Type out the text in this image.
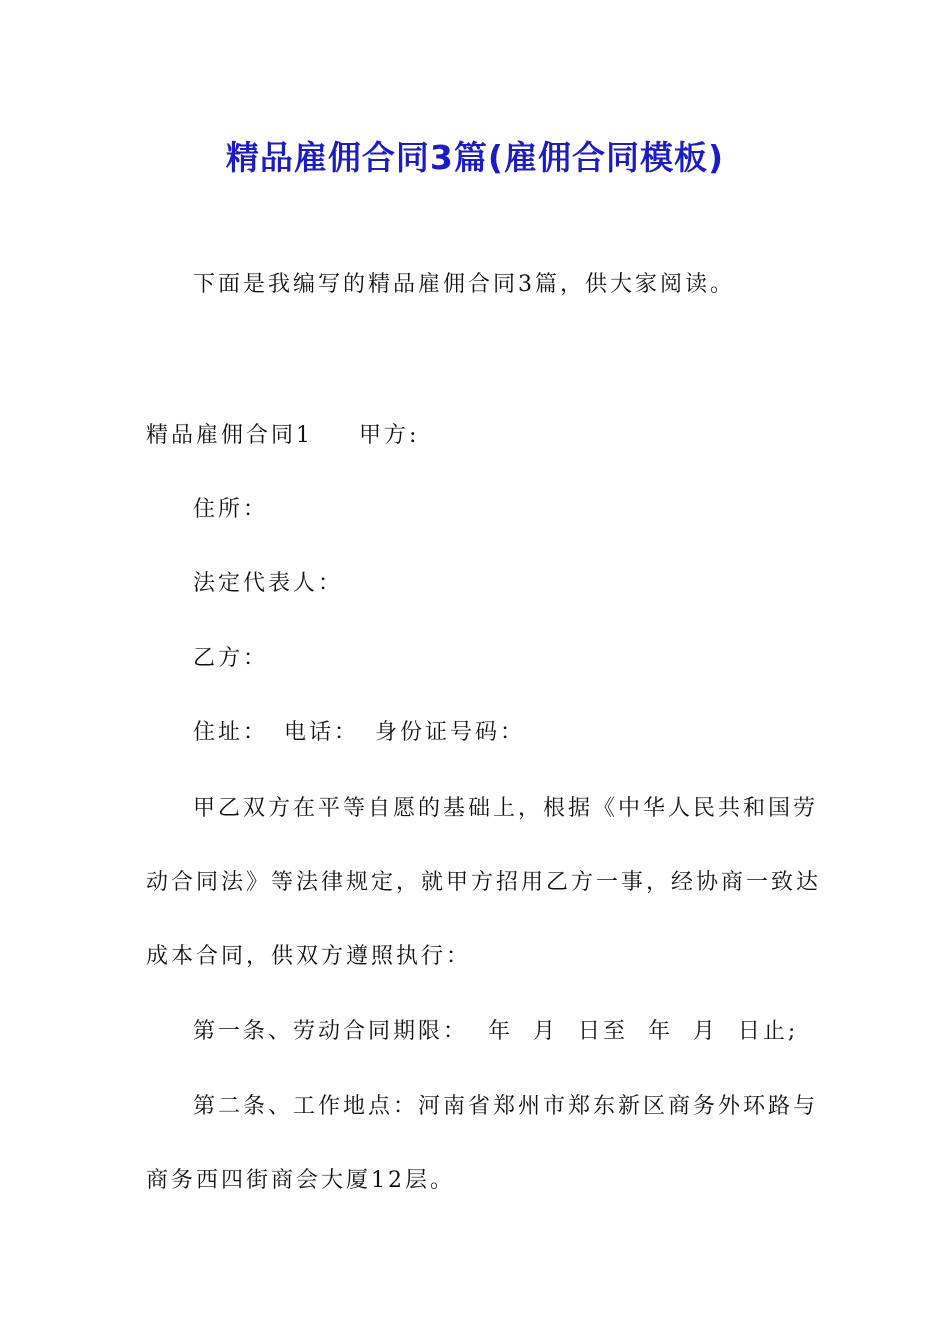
精品雇佣合同3篇(雇佣合同模板)
下面是我编写的精品雇佣合同3篇，供大家阅读。
精品雇佣合同1 甲方:
住所：
法定代表人：
乙方：
住址： 电话： 身份证号码：
甲乙双方在平等自愿的基础上，根据《中华人民共和国劳
动合同法》等法律规定，就甲方招用乙方一事，经协商一致达
成本合同，供双方遵照执行：
第一条、劳动合同期限：  年  月  日至  年  月  日止;
第二条、工作地点：河南省郑州市郑东新区商务外环路与
商务西四街商会大厦12层。
